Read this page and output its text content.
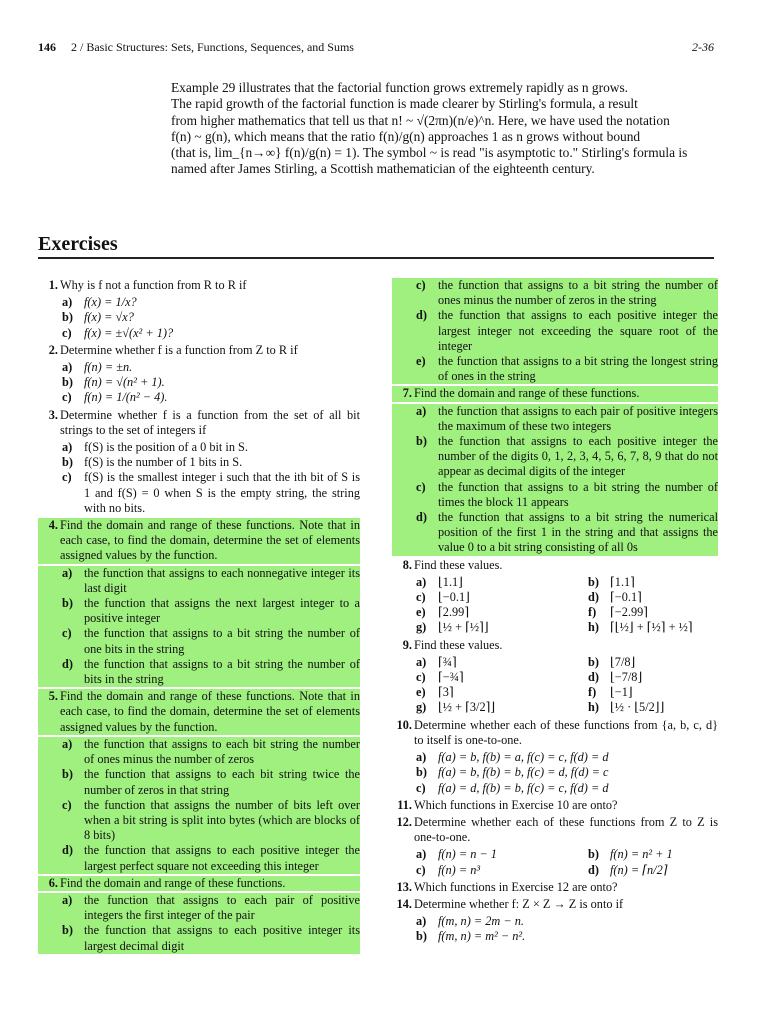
146 2 / Basic Structures: Sets, Functions, Sequences, and Sums	2-36
Example 29 illustrates that the factorial function grows extremely rapidly as n grows.
The rapid growth of the factorial function is made clearer by Stirling's formula, a result
from higher mathematics that tell us that n! ~ √(2πn)(n/e)^n. Here, we have used the notation
f(n) ~ g(n), which means that the ratio f(n)/g(n) approaches 1 as n grows without bound
(that is, lim_{n→∞} f(n)/g(n) = 1). The symbol ~ is read "is asymptotic to." Stirling's formula is
named after James Stirling, a Scottish mathematician of the eighteenth century.
Exercises
1. Why is f not a function from R to R if
a) f(x) = 1/x?
b) f(x) = √x?
c) f(x) = ±√(x² + 1)?
2. Determine whether f is a function from Z to R if
a) f(n) = ±n.
b) f(n) = √(n² + 1).
c) f(n) = 1/(n² − 4).
3. Determine whether f is a function from the set of all bit strings to the set of integers if
a) f(S) is the position of a 0 bit in S.
b) f(S) is the number of 1 bits in S.
c) f(S) is the smallest integer i such that the ith bit of S is 1 and f(S) = 0 when S is the empty string, the string with no bits.
4. Find the domain and range of these functions. Note that in each case, to find the domain, determine the set of elements assigned values by the function.
a) the function that assigns to each nonnegative integer its last digit
b) the function that assigns the next largest integer to a positive integer
c) the function that assigns to a bit string the number of one bits in the string
d) the function that assigns to a bit string the number of bits in the string
5. Find the domain and range of these functions. Note that in each case, to find the domain, determine the set of elements assigned values by the function.
a) the function that assigns to each bit string the number of ones minus the number of zeros
b) the function that assigns to each bit string twice the number of zeros in that string
c) the function that assigns the number of bits left over when a bit string is split into bytes (which are blocks of 8 bits)
d) the function that assigns to each positive integer the largest perfect square not exceeding this integer
6. Find the domain and range of these functions.
a) the function that assigns to each pair of positive integers the first integer of the pair
b) the function that assigns to each positive integer its largest decimal digit
c) the function that assigns to a bit string the number of ones minus the number of zeros in the string
d) the function that assigns to each positive integer the largest integer not exceeding the square root of the integer
e) the function that assigns to a bit string the longest string of ones in the string
7. Find the domain and range of these functions.
a) the function that assigns to each pair of positive integers the maximum of these two integers
b) the function that assigns to each positive integer the number of the digits 0, 1, 2, 3, 4, 5, 6, 7, 8, 9 that do not appear as decimal digits of the integer
c) the function that assigns to a bit string the number of times the block 11 appears
d) the function that assigns to a bit string the numerical position of the first 1 in the string and that assigns the value 0 to a bit string consisting of all 0s
8. Find these values.
a) ⌊1.1⌋	b) ⌈1.1⌉
c) ⌊−0.1⌋	d) ⌈−0.1⌉
e) ⌈2.99⌉	f) ⌈−2.99⌉
g) ⌊½ + ⌈½⌉⌋	h) ⌈⌊½⌋ + ⌈½⌉ + ½⌉
9. Find these values.
a) ⌈¾⌉	b) ⌊7/8⌋
c) ⌈−¾⌉	d) ⌊−7/8⌋
e) ⌈3⌉	f) ⌊−1⌋
g) ⌊½ + ⌈3/2⌉⌋	h) ⌊½ · ⌊5/2⌋⌋
10. Determine whether each of these functions from {a, b, c, d} to itself is one-to-one.
a) f(a) = b, f(b) = a, f(c) = c, f(d) = d
b) f(a) = b, f(b) = b, f(c) = d, f(d) = c
c) f(a) = d, f(b) = b, f(c) = c, f(d) = d
11. Which functions in Exercise 10 are onto?
12. Determine whether each of these functions from Z to Z is one-to-one.
a) f(n) = n − 1	b) f(n) = n² + 1
c) f(n) = n³	d) f(n) = ⌈n/2⌉
13. Which functions in Exercise 12 are onto?
14. Determine whether f: Z × Z → Z is onto if
a) f(m, n) = 2m − n.
b) f(m, n) = m² − n².
